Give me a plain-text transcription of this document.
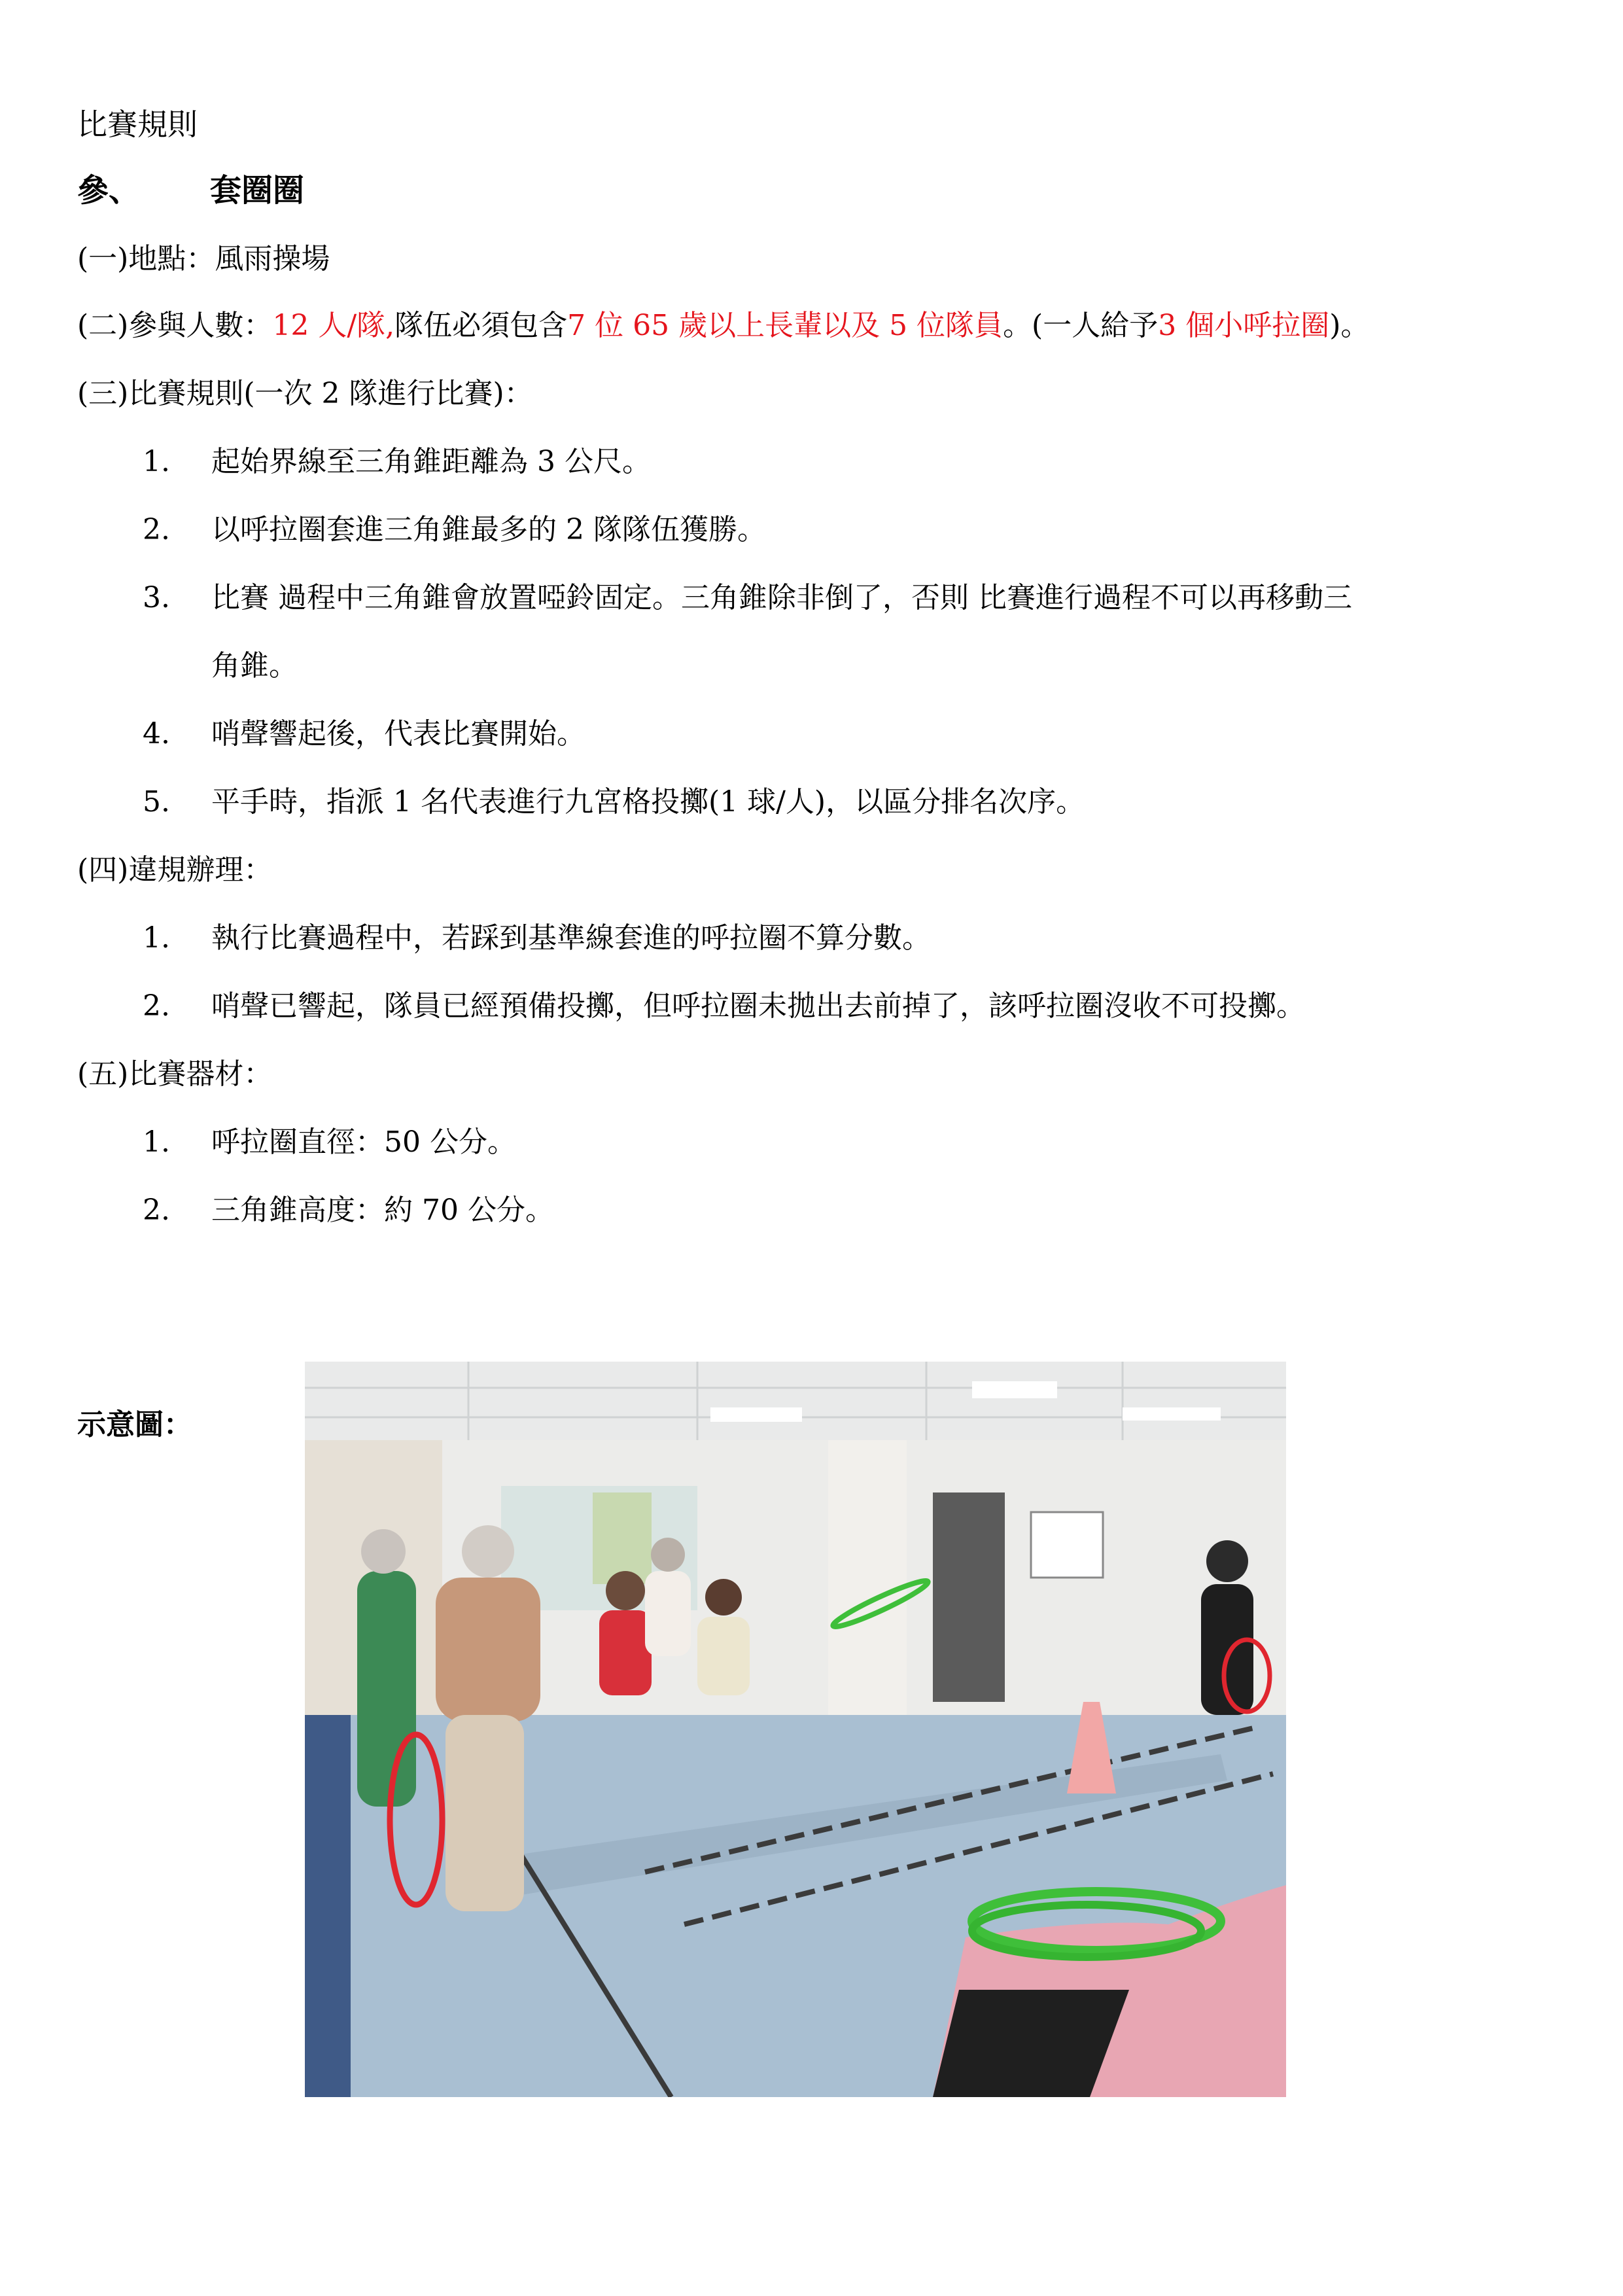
比賽規則
參、 套圈圈
(一)地點：風雨操場
(二)參與人數：12 人/隊,隊伍必須包含7 位 65 歲以上長輩以及 5 位隊員。(一人給予3 個小呼拉圈)。
(三)比賽規則(一次 2 隊進行比賽)：
1. 起始界線至三角錐距離為 3 公尺。
2. 以呼拉圈套進三角錐最多的 2 隊隊伍獲勝。
3. 比賽 過程中三角錐會放置啞鈴固定。三角錐除非倒了，否則 比賽進行過程不可以再移動三
角錐。
4. 哨聲響起後，代表比賽開始。
5. 平手時，指派 1 名代表進行九宮格投擲(1 球/人)，以區分排名次序。
(四)違規辦理：
1. 執行比賽過程中，若踩到基準線套進的呼拉圈不算分數。
2. 哨聲已響起，隊員已經預備投擲，但呼拉圈未拋出去前掉了，該呼拉圈沒收不可投擲。
(五)比賽器材：
1. 呼拉圈直徑：50 公分。
2. 三角錐高度：約 70 公分。
示意圖：
